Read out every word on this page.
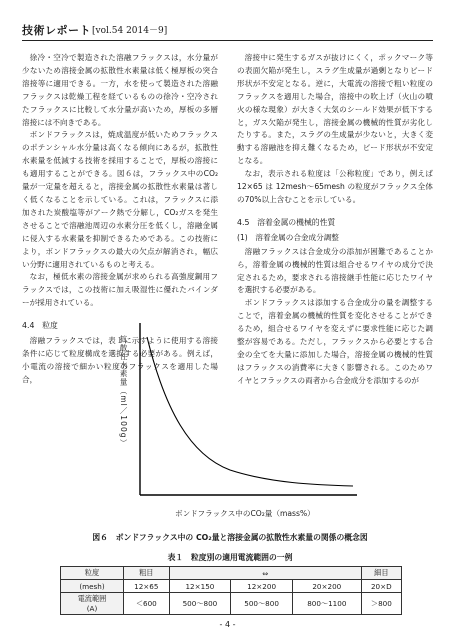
技術レポート [vol.54 2014－9]

徐冷・空冷で製造された溶融フラックスは，水分量が少ないため溶接金属の拡散性水素量は低く極厚板の突合溶接等に適用できる。一方，水を使って製造された溶融フラックスは乾燥工程を経ているものの徐冷・空冷されたフラックスに比較して水分量が高いため，厚板の多層溶接には不向きである。

ボンドフラックスは，焼成温度が低いためフラックスのポテンシャル水分量は高くなる傾向にあるが，拡散性水素量を低減する技術を採用することで，厚板の溶接にも適用することができる。図６は，フラックス中のCO₂量が一定量を超えると，溶接金属の拡散性水素量は著しく低くなることを示している。これは，フラックスに添加された炭酸塩等がアーク熱で分解し，CO₂ガスを発生させることで溶融池周辺の水素分圧を低くし，溶融金属に侵入する水素量を抑制できるためである。この技術により，ボンドフラックスの最大の欠点が解消され，幅広い分野に適用されているものと考える。

なお，極低水素の溶接金属が求められる高強度鋼用フラックスでは，この技術に加え吸湿性に優れたバインダーが採用されている。

4.4　粒度

溶融フラックスでは，表１に示すように使用する溶接条件に応じて粒度構成を選択する必要がある。例えば，小電流の溶接で細かい粒度のフラックスを適用した場合，

溶接中に発生するガスが抜けにくく，ポックマーク等の表面欠陥が発生し，スラグ生成量が過剰となりビード形状が不安定となる。逆に，大電流の溶接で粗い粒度のフラックスを適用した場合，溶接中の吹上げ（火山の噴火の様な現象）が大きく大気のシールド効果が低下すると，ガス欠陥が発生し，溶接金属の機械的性質が劣化したりする。また，スラグの生成量が少ないと，大きく変動する溶融池を抑え難くなるため，ビード形状が不安定となる。

なお，表示される粒度は「公称粒度」であり，例えば 12×65 は 12mesh～65mesh の粒度がフラックス全体の70%以上含むことを示している。

4.5　溶着金属の機械的性質
(1)　溶着金属の合金成分調整

溶融フラックスは合金成分の添加が困難であることから，溶着金属の機械的性質は組合せるワイヤの成分で決定されるため，要求される溶接継手性能に応じたワイヤを選択する必要がある。

ボンドフラックスは添加する合金成分の量を調整することで，溶着金属の機械的性質を変化させることができるため，組合せるワイヤを変えずに要求性能に応じた調整が容易である。ただし，フラックスから必要とする合金の全てを大量に添加した場合，溶接金属の機械的性質はフラックスの消費率に大きく影響される。このためワイヤとフラックスの両者から合金成分を添加するのが

拡散性水素量（ml／100g）
ボンドフラックス中のCO₂量（mass%）
図６　ボンドフラックス中の CO₂量と溶接金属の拡散性水素量の関係の概念図
表１　粒度別の適用電流範囲の一例
粒度	粗目	⇔			細目
(mesh)	12×65	12×150	12×200	20×200	20×D
電流範囲
(A)	＜600	500～800	500～800	800～1100	＞800
- 4 -
